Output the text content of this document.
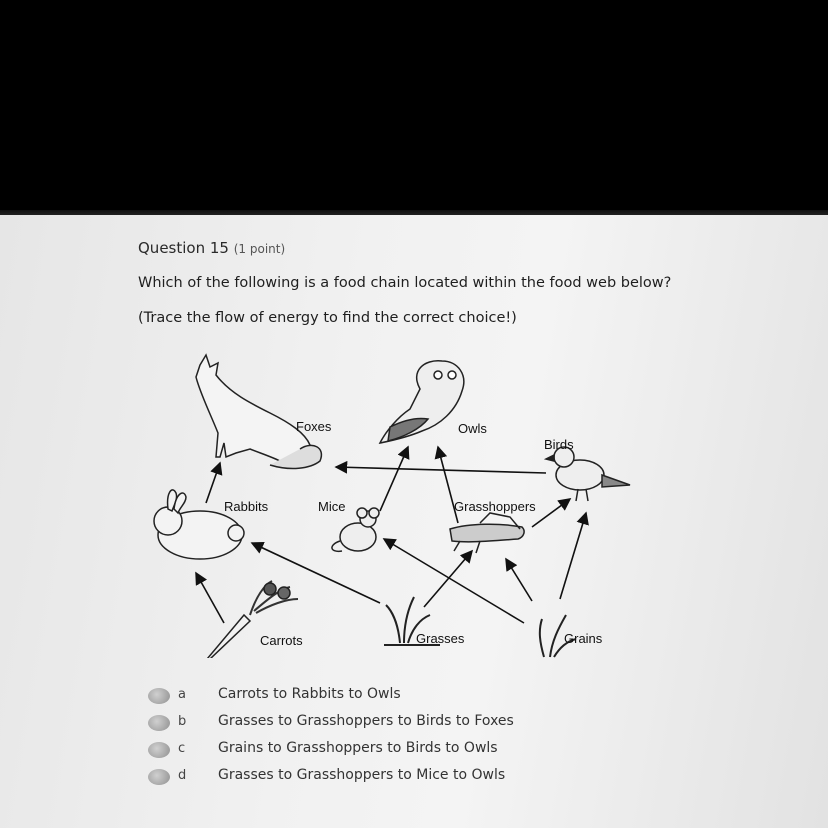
Question 15 (1 point)
Which of the following is a food chain located within the food web below?
(Trace the flow of energy to find the correct choice!)
Foxes	Owls
Birds
Rabbits	Mice	Grasshoppers
Carrots	Grasses	Grains
a Carrots to Rabbits to Owls
b Grasses to Grasshoppers to Birds to Foxes
c Grains to Grasshoppers to Birds to Owls
d Grasses to Grasshoppers to Mice to Owls
